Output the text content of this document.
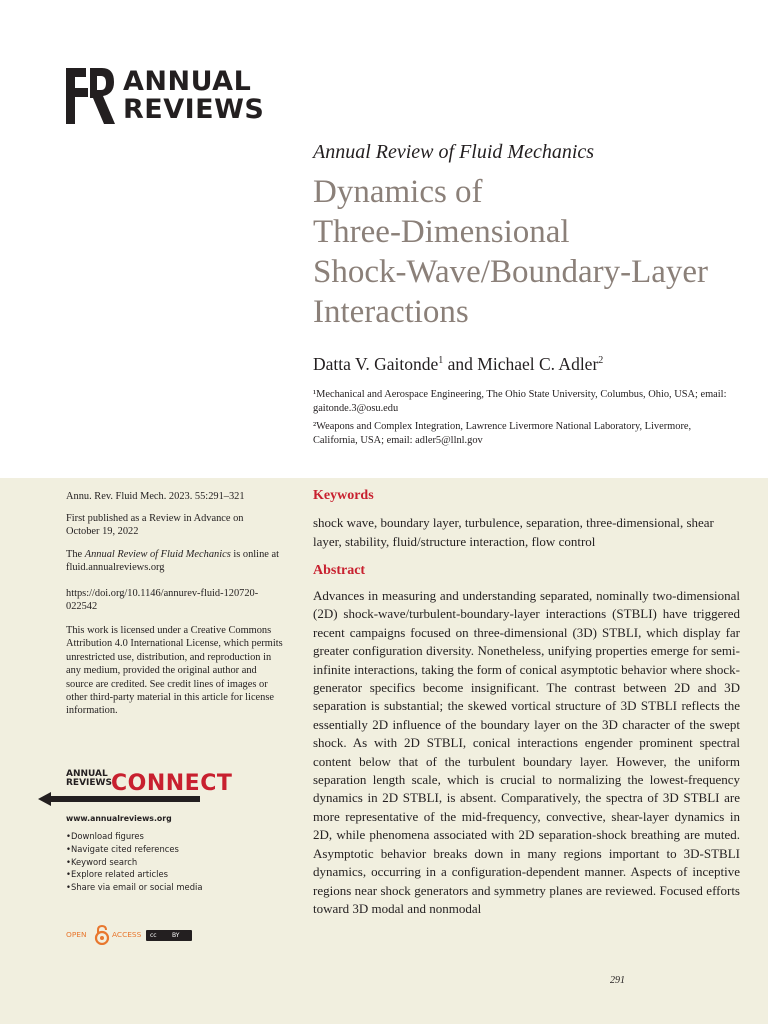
ANNUAL
REVIEWS
Annual Review of Fluid Mechanics
Dynamics of
Three-Dimensional
Shock-Wave/Boundary-Layer
Interactions
Datta V. Gaitonde$^1$ and Michael C. Adler$^2$
¹Mechanical and Aerospace Engineering, The Ohio State University, Columbus, Ohio, USA; email: gaitonde.3@osu.edu
²Weapons and Complex Integration, Lawrence Livermore National Laboratory, Livermore, California, USA; email: adler5@llnl.gov
Annu. Rev. Fluid Mech. 2023. 55:291–321
First published as a Review in Advance on October 19, 2022
The Annual Review of Fluid Mechanics is online at fluid.annualreviews.org
https://doi.org/10.1146/annurev-fluid-120720-022542
This work is licensed under a Creative Commons Attribution 4.0 International License, which permits unrestricted use, distribution, and reproduction in any medium, provided the original author and source are credited. See credit lines of images or other third-party material in this article for license information.
ANNUAL
REVIEWS CONNECT
www.annualreviews.org
• Download figures
• Navigate cited references
• Keyword search
• Explore related articles
• Share via email or social media
OPEN	ACCESS cc	BY
Keywords
shock wave, boundary layer, turbulence, separation, three-dimensional, shear layer, stability, fluid/structure interaction, flow control
Abstract
Advances in measuring and understanding separated, nominally two-dimensional (2D) shock-wave/turbulent-boundary-layer interactions (STBLI) have triggered recent campaigns focused on three-dimensional (3D) STBLI, which display far greater configuration diversity. Nonetheless, unifying properties emerge for semi-infinite interactions, taking the form of conical asymptotic behavior where shock-generator specifics become insignificant. The contrast between 2D and 3D separation is substantial; the skewed vortical structure of 3D STBLI reflects the essentially 2D influence of the boundary layer on the 3D character of the swept shock. As with 2D STBLI, conical interactions engender prominent spectral content below that of the turbulent boundary layer. However, the uniform separation length scale, which is crucial to normalizing the lowest-frequency dynamics in 2D STBLI, is absent. Comparatively, the spectra of 3D STBLI are more representative of the mid-frequency, convective, shear-layer dynamics in 2D, while phenomena associated with 2D separation-shock breathing are muted. Asymptotic behavior breaks down in many regions important to 3D-STBLI dynamics, occurring in a configuration-dependent manner. Aspects of inceptive regions near shock generators and symmetry planes are reviewed. Focused efforts toward 3D modal and nonmodal
291
